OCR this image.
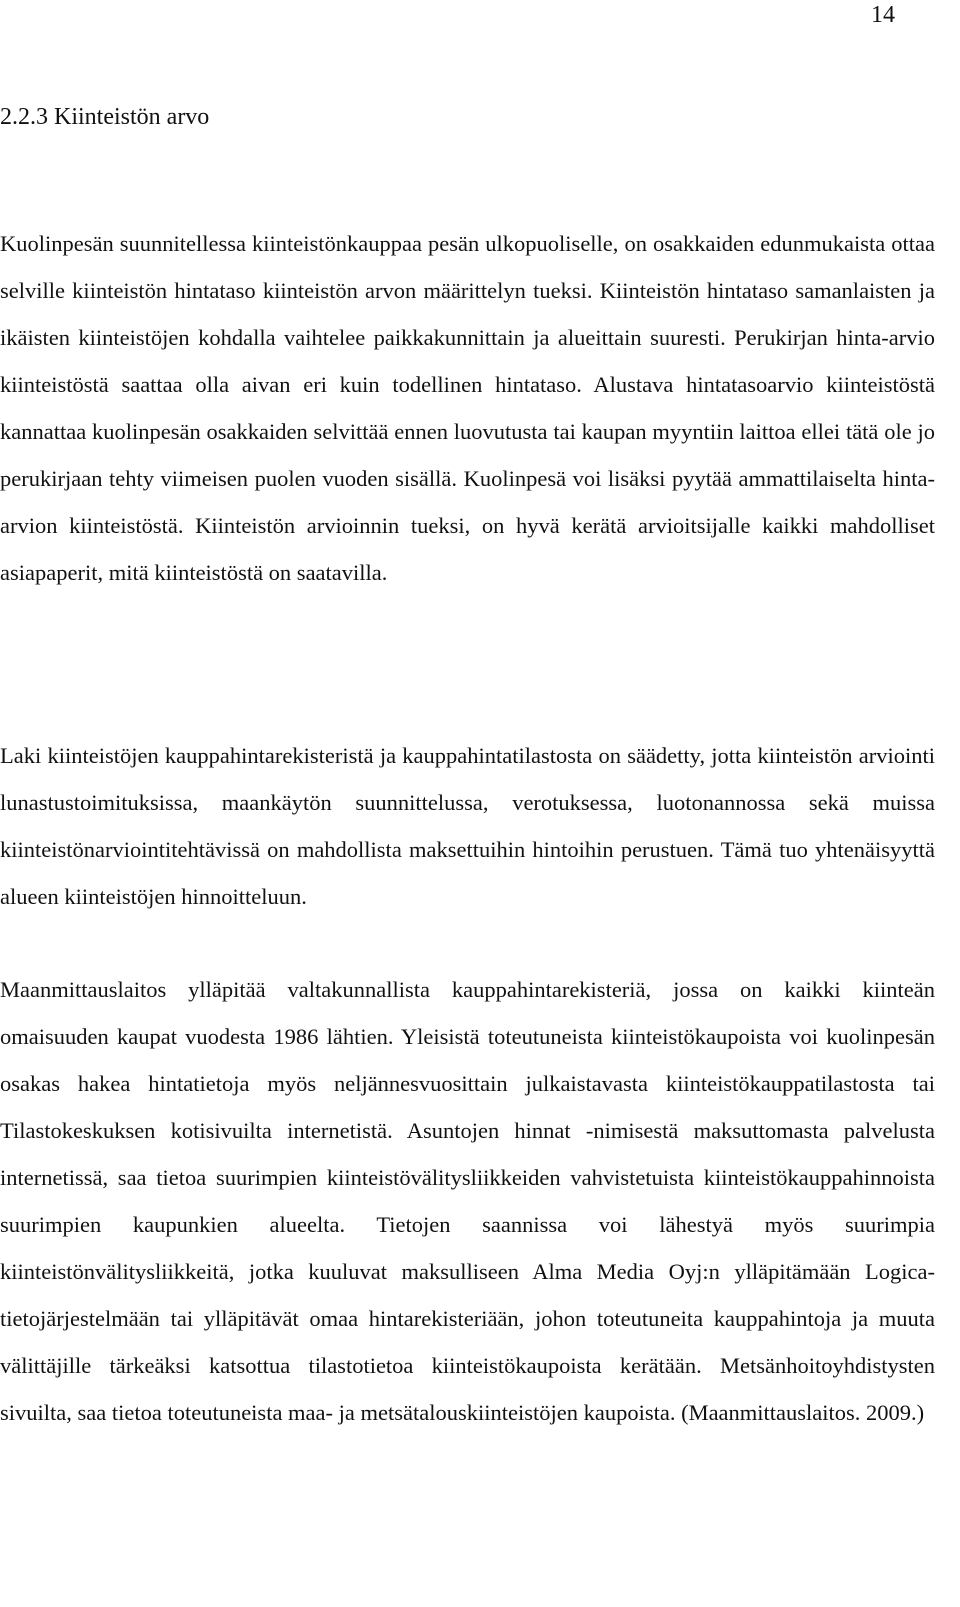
14
2.2.3 Kiinteistön arvo

Kuolinpesän suunnitellessa kiinteistönkauppaa pesän ulkopuoliselle, on osakkaiden edunmukaista ottaa selville kiinteistön hintataso kiinteistön arvon määrittelyn tueksi. Kiinteistön hintataso samanlaisten ja ikäisten kiinteistöjen kohdalla vaihtelee paikkakunnittain ja alueittain suuresti. Perukirjan hinta-arvio kiinteistöstä saattaa olla aivan eri kuin todellinen hintataso. Alustava hintatasoarvio kiinteistöstä kannattaa kuolinpesän osakkaiden selvittää ennen luovutusta tai kaupan myyntiin laittoa ellei tätä ole jo perukirjaan tehty viimeisen puolen vuoden sisällä. Kuolinpesä voi lisäksi pyytää ammattilaiselta hinta-arvion kiinteistöstä. Kiinteistön arvioinnin tueksi, on hyvä kerätä arvioitsijalle kaikki mahdolliset asiapaperit, mitä kiinteistöstä on saatavilla.

Laki kiinteistöjen kauppahintarekisteristä ja kauppahintatilastosta on säädetty, jotta kiinteistön arviointi lunastustoimituksissa, maankäytön suunnittelussa, verotuksessa, luotonannossa sekä muissa kiinteistönarviointitehtävissä on mahdollista maksettuihin hintoihin perustuen. Tämä tuo yhtenäisyyttä alueen kiinteistöjen hinnoitteluun.

Maanmittauslaitos ylläpitää valtakunnallista kauppahintarekisteriä, jossa on kaikki kiinteän omaisuuden kaupat vuodesta 1986 lähtien. Yleisistä toteutuneista kiinteistökaupoista voi kuolinpesän osakas hakea hintatietoja myös neljännesvuosittain julkaistavasta kiinteistökauppatilastosta tai Tilastokeskuksen kotisivuilta internetistä. Asuntojen hinnat -nimisestä maksuttomasta palvelusta internetissä, saa tietoa suurimpien kiinteistövälitysliikkeiden vahvistetuista kiinteistökauppahinnoista suurimpien kaupunkien alueelta. Tietojen saannissa voi lähestyä myös suurimpia kiinteistönvälitysliikkeitä, jotka kuuluvat maksulliseen Alma Media Oyj:n ylläpitämään Logica- tietojärjestelmään tai ylläpitävät omaa hintarekisteriään, johon toteutuneita kauppahintoja ja muuta välittäjille tärkeäksi katsottua tilastotietoa kiinteistökaupoista kerätään. Metsänhoitoyhdistysten sivuilta, saa tietoa toteutuneista maa- ja metsätalouskiinteistöjen kaupoista. (Maanmittauslaitos. 2009.)
